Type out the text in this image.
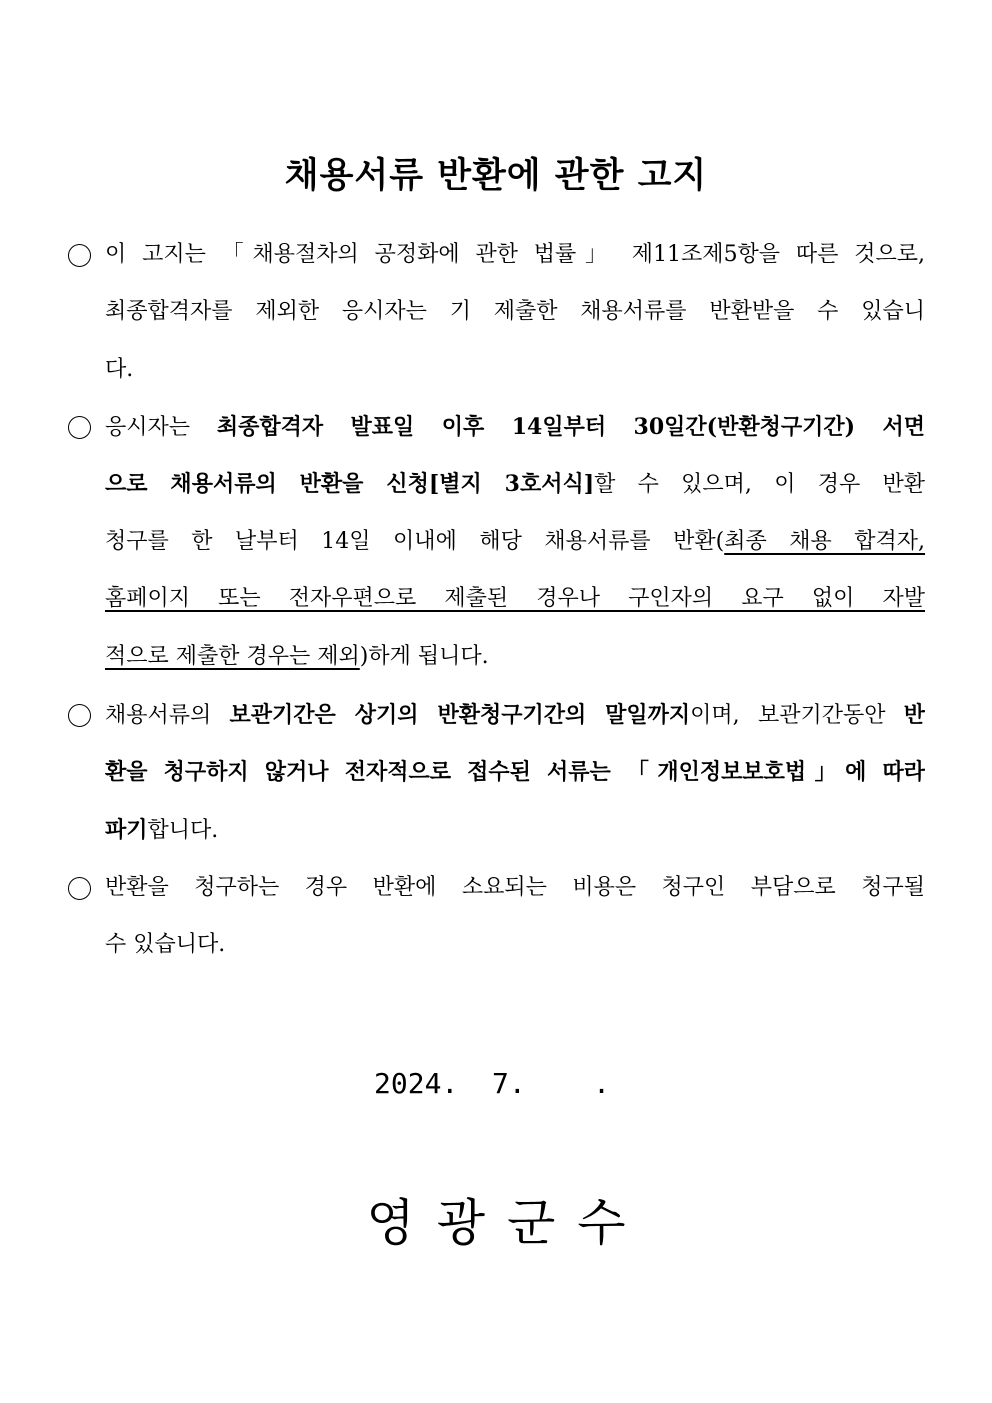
채용서류 반환에 관한 고지
이 고지는 「채용절차의 공정화에 관한 법률」 제11조제5항을 따른 것으로,
최종합격자를 제외한 응시자는 기 제출한 채용서류를 반환받을 수 있습니
다.
응시자는 최종합격자 발표일 이후 14일부터 30일간(반환청구기간) 서면
으로 채용서류의 반환을 신청[별지 3호서식]할 수 있으며, 이 경우 반환
청구를 한 날부터 14일 이내에 해당 채용서류를 반환(최종 채용 합격자,
홈페이지 또는 전자우편으로 제출된 경우나 구인자의 요구 없이 자발
적으로 제출한 경우는 제외)하게 됩니다.
채용서류의 보관기간은 상기의 반환청구기간의 말일까지이며, 보관기간동안 반
환을 청구하지 않거나 전자적으로 접수된 서류는 「개인정보보호법」에 따라
파기합니다.
반환을 청구하는 경우 반환에 소요되는 비용은 청구인 부담으로 청구될
수 있습니다.
2024.  7.    .
영광군수
